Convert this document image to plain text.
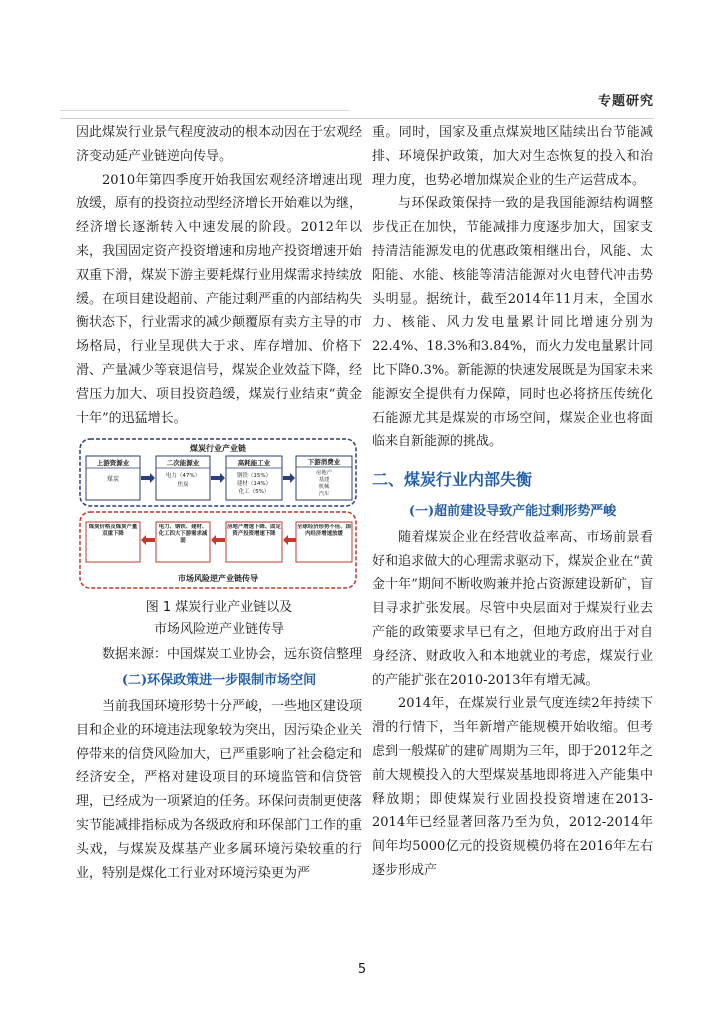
专题研究

因此煤炭行业景气程度波动的根本动因在于宏观经济变动延产业链逆向传导。

2010年第四季度开始我国宏观经济增速出现放缓，原有的投资拉动型经济增长开始难以为继，经济增长逐渐转入中速发展的阶段。2012年以来，我国固定资产投资增速和房地产投资增速开始双重下滑，煤炭下游主要耗煤行业用煤需求持续放缓。在项目建设超前、产能过剩严重的内部结构失衡状态下，行业需求的减少颠覆原有卖方主导的市场格局，行业呈现供大于求、库存增加、价格下滑、产量减少等衰退信号，煤炭企业效益下降，经营压力加大、项目投资趋缓，煤炭行业结束“黄金十年”的迅猛增长。

煤炭行业产业链
上游资源业
煤炭
二次能源业
电力（47%）
焦炭
高耗能工业
钢铁（15%）
建材（14%）
化工（5%）
下游消费业
房地产
基建
机械
汽车
煤炭价格及煤炭产量双重下降
电力、钢铁、建材、化工四大下游需求减弱
房地产增速下降、固定资产投资增速下降
全球经济形势不佳、国内经济增速放缓
市场风险逆产业链传导
图 1 煤炭行业产业链以及
市场风险逆产业链传导

数据来源：中国煤炭工业协会，远东资信整理

(二)环保政策进一步限制市场空间

当前我国环境形势十分严峻，一些地区建设项目和企业的环境违法现象较为突出，因污染企业关停带来的信贷风险加大，已严重影响了社会稳定和经济安全，严格对建设项目的环境监管和信贷管理，已经成为一项紧迫的任务。环保问责制更使落实节能减排指标成为各级政府和环保部门工作的重头戏，与煤炭及煤基产业多属环境污染较重的行业，特别是煤化工行业对环境污染更为严

重。同时，国家及重点煤炭地区陆续出台节能减排、环境保护政策，加大对生态恢复的投入和治理力度，也势必增加煤炭企业的生产运营成本。

与环保政策保持一致的是我国能源结构调整步伐正在加快，节能减排力度逐步加大，国家支持清洁能源发电的优惠政策相继出台，风能、太阳能、水能、核能等清洁能源对火电替代冲击势头明显。据统计，截至2014年11月末，全国水力、核能、风力发电量累计同比增速分别为22.4%、18.3%和3.84%，而火力发电量累计同比下降0.3%。新能源的快速发展既是为国家未来能源安全提供有力保障，同时也必将挤压传统化石能源尤其是煤炭的市场空间，煤炭企业也将面临来自新能源的挑战。

二、煤炭行业内部失衡
(一)超前建设导致产能过剩形势严峻

随着煤炭企业在经营收益率高、市场前景看好和追求做大的心理需求驱动下，煤炭企业在“黄金十年”期间不断收购兼并抢占资源建设新矿，盲目寻求扩张发展。尽管中央层面对于煤炭行业去产能的政策要求早已有之，但地方政府出于对自身经济、财政收入和本地就业的考虑，煤炭行业的产能扩张在2010-2013年有增无减。

2014年，在煤炭行业景气度连续2年持续下滑的行情下，当年新增产能规模开始收缩。但考虑到一般煤矿的建矿周期为三年，即于2012年之前大规模投入的大型煤炭基地即将进入产能集中释放期；即使煤炭行业固投投资增速在2013-2014年已经显著回落乃至为负，2012-2014年间年均5000亿元的投资规模仍将在2016年左右逐步形成产

5
